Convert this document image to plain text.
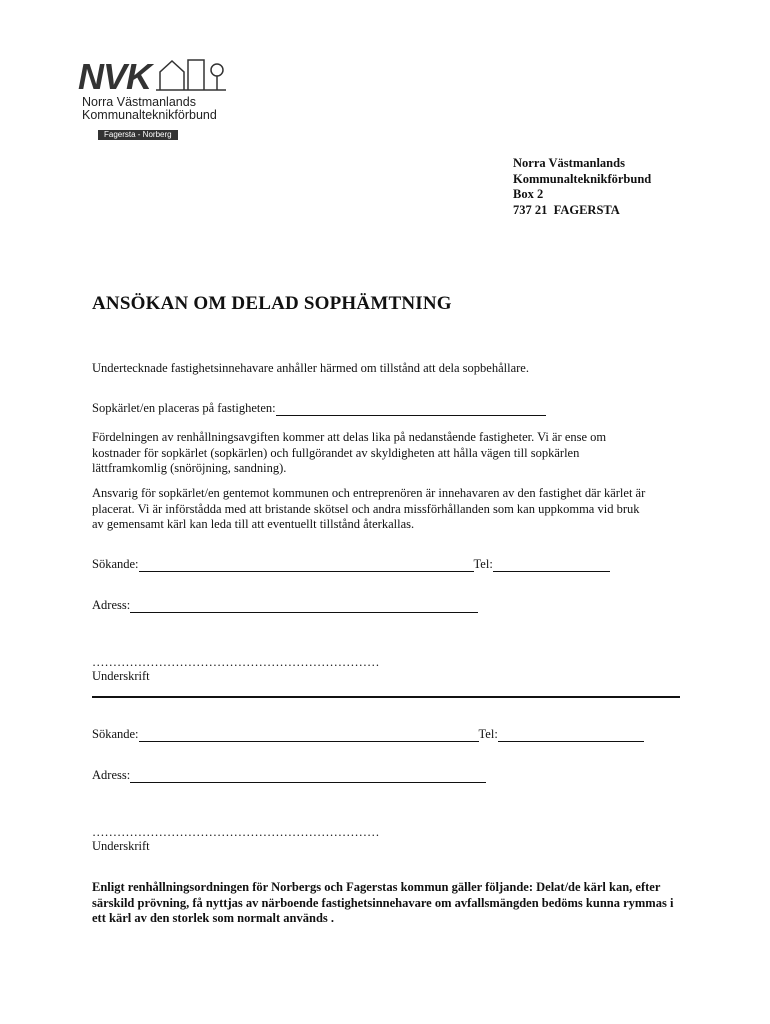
NVK
Norra Västmanlands
Kommunalteknikförbund
Fagersta - Norberg
Norra Västmanlands
Kommunalteknikförbund
Box 2
737 21  FAGERSTA
ANSÖKAN OM DELAD SOPHÄMTNING
Undertecknade fastighetsinnehavare anhåller härmed om tillstånd att dela sopbehållare.
Sopkärlet/en placeras på fastigheten:
Fördelningen av renhållningsavgiften kommer att delas lika på nedanstående fastigheter. Vi är ense om kostnader för sopkärlet (sopkärlen) och fullgörandet av skyldigheten att hålla vägen till sopkärlen lättframkomlig (snöröjning, sandning).
Ansvarig för sopkärlet/en gentemot kommunen och entreprenören är innehavaren av den fastighet där kärlet är placerat. Vi är införstådda med att bristande skötsel och andra missförhållanden som kan uppkomma vid bruk av gemensamt kärl kan leda till att eventuellt tillstånd återkallas.
Sökande:	Tel:
Adress:
……………………………………………………………
Underskrift
Sökande:	Tel:
Adress:
……………………………………………………………
Underskrift
Enligt renhållningsordningen för Norbergs och Fagerstas kommun gäller följande: Delat/de kärl kan, efter särskild prövning, få nyttjas av närboende fastighetsinnehavare om avfallsmängden bedöms kunna rymmas i ett kärl av den storlek som normalt används .
